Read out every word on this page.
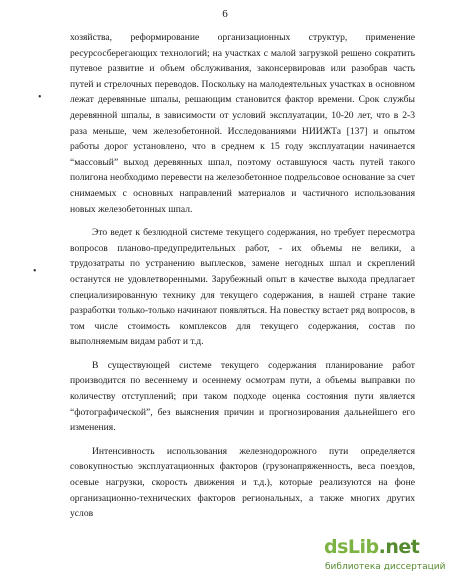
6
•
•

хозяйства, реформирование организационных структур, применение ресурсосберегающих технологий; на участках с малой загрузкой решено сократить путевое развитие и объем обслуживания, законсервировав или разобрав часть путей и стрелочных переводов. Поскольку на малодеятельных участках в основном лежат деревянные шпалы, решающим становится фактор времени. Срок службы деревянной шпалы, в зависимости от условий эксплуатации, 10-20 лет, что в 2-3 раза меньше, чем железобетонной. Исследованиями НИИЖТа [137] и опытом работы дорог установлено, что в среднем к 15 году эксплуатации начинается “массовый” выход деревянных шпал, поэтому оставшуюся часть путей такого полигона необходимо перевести на железобетонное подрельсовое основание за счет снимаемых с основных направлений материалов и частичного использования новых железобетонных шпал.

Это ведет к безлюдной системе текущего содержания, но требует пересмотра вопросов планово-предупредительных работ, - их объемы не велики, а трудозатраты по устранению выплесков, замене негодных шпал и скреплений останутся не удовлетворенными. Зарубежный опыт в качестве выхода предлагает специализированную технику для текущего содержания, в нашей стране такие разработки только-только начинают появляться. На повестку встает ряд вопросов, в том числе стоимость комплексов для текущего содержания, состав по выполняемым видам работ и т.д.

В существующей системе текущего содержания планирование работ производится по весеннему и осеннему осмотрам пути, а объемы выправки по количеству отступлений; при таком подходе оценка состояния пути является “фотографической”, без выяснения причин и прогнозирования дальнейшего его изменения.

Интенсивность использования железнодорожного пути определяется совокупностью эксплуатационных факторов (грузонапряженность, веса поездов, осевые нагрузки, скорость движения и т.д.), которые реализуются на фоне организационно-технических факторов региональных, а также многих других услов

dsLib.net
библиотека диссертаций
